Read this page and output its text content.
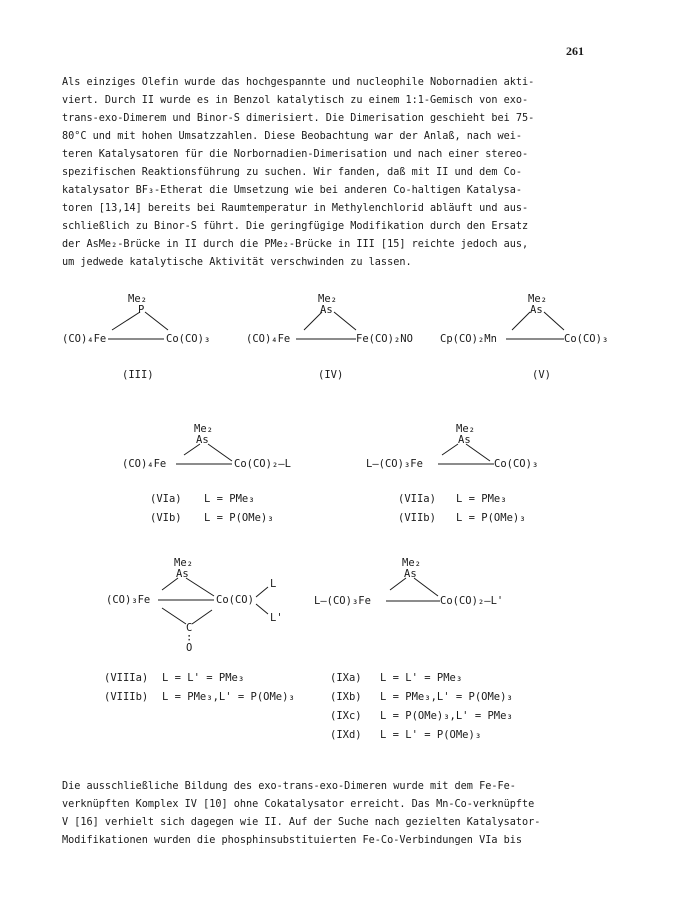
261
Als einziges Olefin wurde das hochgespannte und nucleophile Nobornadien akti-
viert. Durch II wurde es in Benzol katalytisch zu einem 1:1-Gemisch von exo-
trans-exo-Dimerem und Binor-S dimerisiert. Die Dimerisation geschieht bei 75-
80°C und mit hohen Umsatzzahlen. Diese Beobachtung war der Anlaß, nach wei-
teren Katalysatoren für die Norbornadien-Dimerisation und nach einer stereo-
spezifischen Reaktionsführung zu suchen. Wir fanden, daß mit II und dem Co-
katalysator BF₃-Etherat die Umsetzung wie bei anderen Co-haltigen Katalysa-
toren [13,14] bereits bei Raumtemperatur in Methylenchlorid abläuft und aus-
schließlich zu Binor-S führt. Die geringfügige Modifikation durch den Ersatz
der AsMe₂-Brücke in II durch die PMe₂-Brücke in III [15] reichte jedoch aus,
um jedwede katalytische Aktivität verschwinden zu lassen.
Me₂
P
(CO)₄Fe	Co(CO)₃
(III)
Me₂
As
(CO)₄Fe	Fe(CO)₂NO
(IV)
Me₂
As
Cp(CO)₂Mn	Co(CO)₃
(V)
Me₂
As
(CO)₄Fe	Co(CO)₂—L
(VIa) L = PMe₃
(VIb) L = P(OMe)₃
Me₂
As
L—(CO)₃Fe	Co(CO)₃
(VIIa) L = PMe₃
(VIIb) L = P(OMe)₃
Me₂
As
(CO)₃Fe	Co(CO)
L
L'
C
∶
O
(VIIIa) L = L' = PMe₃
(VIIIb) L = PMe₃,L' = P(OMe)₃
Me₂
As
L—(CO)₃Fe	Co(CO)₂—L'
(IXa) L = L' = PMe₃
(IXb) L = PMe₃,L' = P(OMe)₃
(IXc) L = P(OMe)₃,L' = PMe₃
(IXd) L = L' = P(OMe)₃
Die ausschließliche Bildung des exo-trans-exo-Dimeren wurde mit dem Fe-Fe-
verknüpften Komplex IV [10] ohne Cokatalysator erreicht. Das Mn-Co-verknüpfte
V [16] verhielt sich dagegen wie II. Auf der Suche nach gezielten Katalysator-
Modifikationen wurden die phosphinsubstituierten Fe-Co-Verbindungen VIa bis
